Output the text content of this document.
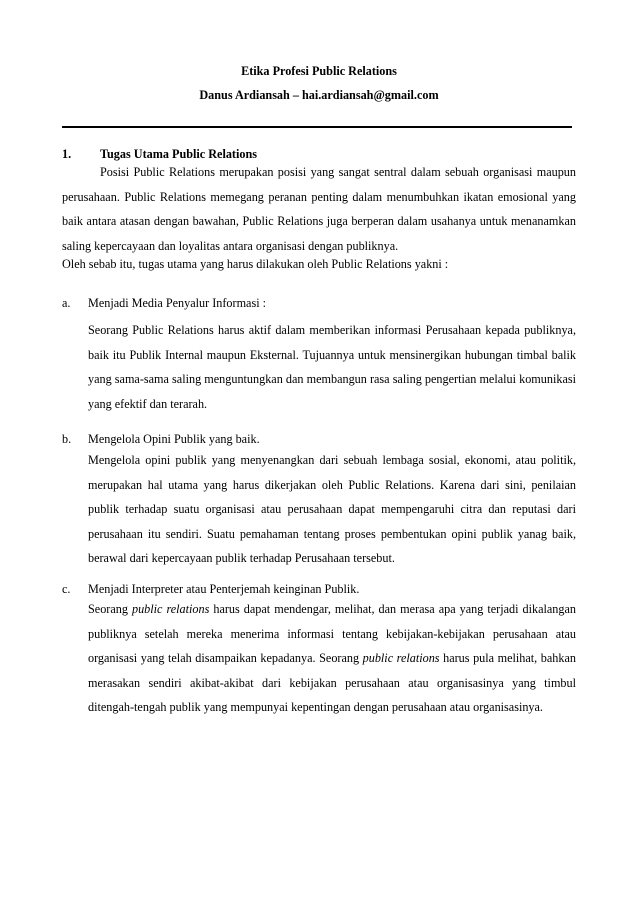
Etika Profesi Public Relations
Danus Ardiansah – hai.ardiansah@gmail.com
1. Tugas Utama Public Relations

Posisi Public Relations merupakan posisi yang sangat sentral dalam sebuah organisasi maupun perusahaan. Public Relations memegang peranan penting dalam menumbuhkan ikatan emosional yang baik antara atasan dengan bawahan, Public Relations juga berperan dalam usahanya untuk menanamkan saling kepercayaan dan loyalitas antara organisasi dengan publiknya.

Oleh sebab itu, tugas utama yang harus dilakukan oleh Public Relations yakni :
a. Menjadi Media Penyalur Informasi :

Seorang Public Relations harus aktif dalam memberikan informasi Perusahaan kepada publiknya, baik itu Publik Internal maupun Eksternal. Tujuannya untuk mensinergikan hubungan timbal balik yang sama-sama saling menguntungkan dan membangun rasa saling pengertian melalui komunikasi yang efektif dan terarah.

b. Mengelola Opini Publik yang baik.

Mengelola opini publik yang menyenangkan dari sebuah lembaga sosial, ekonomi, atau politik, merupakan hal utama yang harus dikerjakan oleh Public Relations. Karena dari sini, penilaian publik terhadap suatu organisasi atau perusahaan dapat mempengaruhi citra dan reputasi dari perusahaan itu sendiri. Suatu pemahaman tentang proses pembentukan opini publik yanag baik, berawal dari kepercayaan publik terhadap Perusahaan tersebut.

c. Menjadi Interpreter atau Penterjemah keinginan Publik.

Seorang public relations harus dapat mendengar, melihat, dan merasa apa yang terjadi dikalangan publiknya setelah mereka menerima informasi tentang kebijakan-kebijakan perusahaan atau organisasi yang telah disampaikan kepadanya. Seorang public relations harus pula melihat, bahkan merasakan sendiri akibat-akibat dari kebijakan perusahaan atau organisasinya yang timbul ditengah-tengah publik yang mempunyai kepentingan dengan perusahaan atau organisasinya.
